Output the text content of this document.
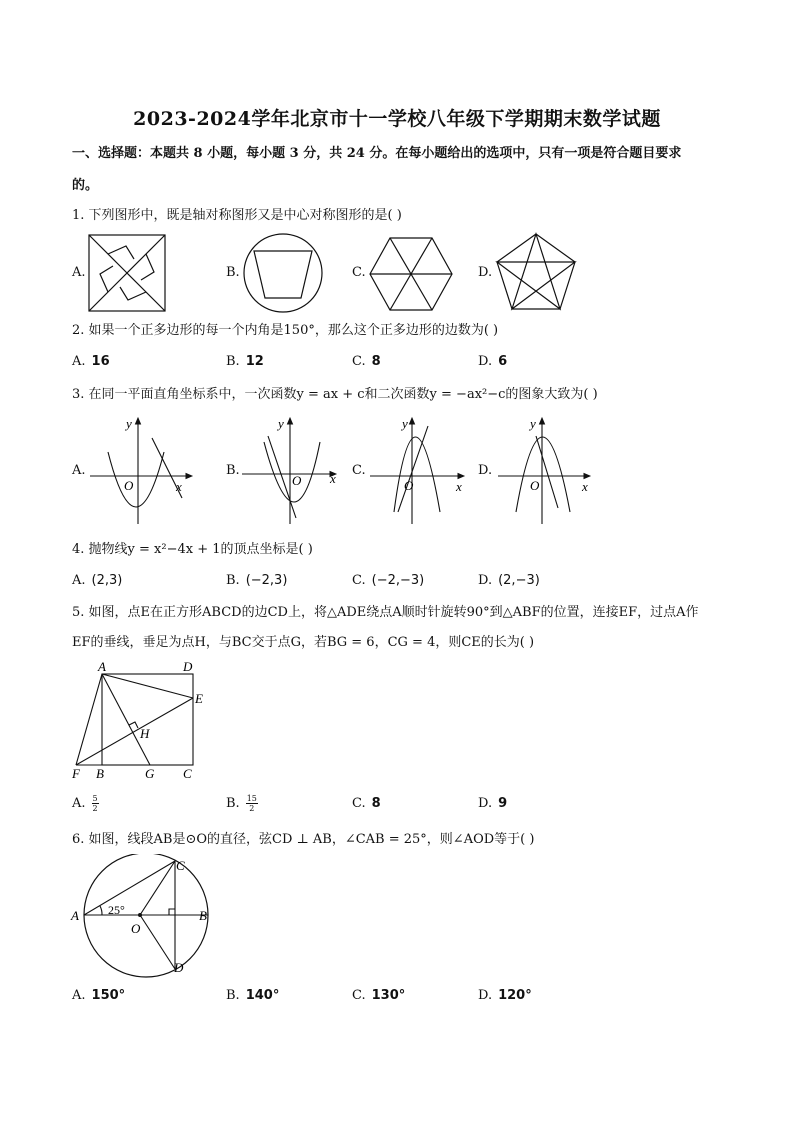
2023-2024学年北京市十一学校八年级下学期期末数学试题
一、选择题：本题共 8 小题，每小题 3 分，共 24 分。在每小题给出的选项中，只有一项是符合题目要求
的。
1. 下列图形中，既是轴对称图形又是中心对称图形的是( )
A.	B.	C.	D.
2. 如果一个正多边形的每一个内角是150°，那么这个正多边形的边数为( )
A. 16	B. 12	C. 8	D. 6
3. 在同一平面直角坐标系中，一次函数y = ax + c和二次函数y = −ax²−c的图象大致为( )
A.	B.	C.	D.
O	x
y
O x
y
O	x
y
O	x
y
4. 抛物线y = x²−4x + 1的顶点坐标是( )
A. (2,3)	B. (−2,3)	C. (−2,−3)	D. (2,−3)
5. 如图，点E在正方形ABCD的边CD上，将△ADE绕点A顺时针旋转90°到△ABF的位置，连接EF，过点A作
EF的垂线，垂足为点H，与BC交于点G，若BG = 6，CG = 4，则CE的长为( )
A	D
E
H
F B	G C
A. $\frac{5}{2}$	B. $\frac{15}{2}$	C. 8	D. 9
6. 如图，线段AB是⊙O的直径，弦CD ⊥ AB，∠CAB = 25°，则∠AOD等于( )
C
A	B
O
D
25°
A. 150°	B. 140°	C. 130°	D. 120°
